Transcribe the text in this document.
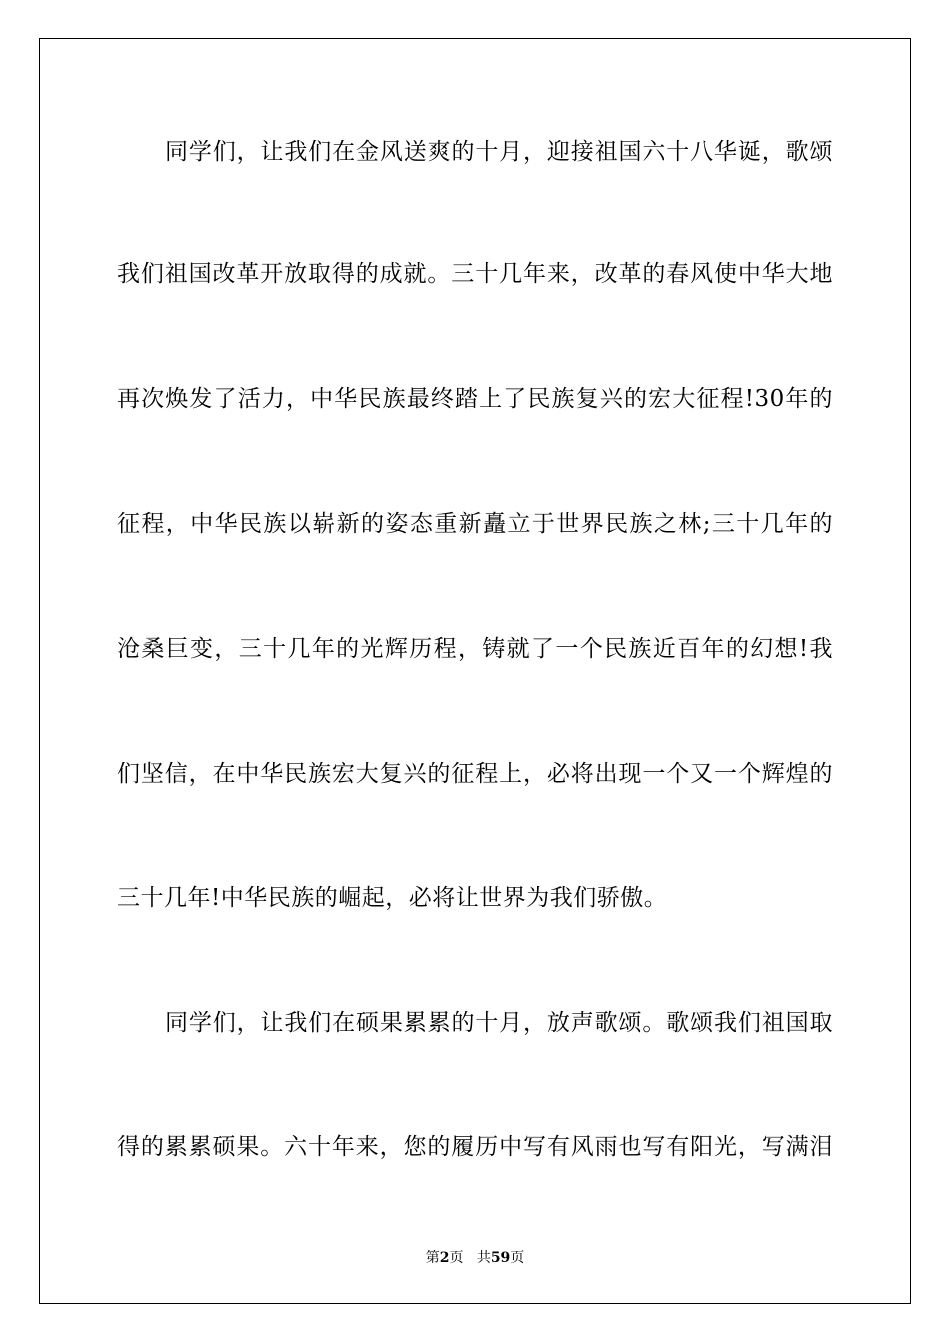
同学们，让我们在金风送爽的十月，迎接祖国六十八华诞，歌颂
我们祖国改革开放取得的成就。三十几年来，改革的春风使中华大地
再次焕发了活力，中华民族最终踏上了民族复兴的宏大征程!30年的
征程，中华民族以崭新的姿态重新矗立于世界民族之林;三十几年的
沧桑巨变，三十几年的光辉历程，铸就了一个民族近百年的幻想!我
们坚信，在中华民族宏大复兴的征程上，必将出现一个又一个辉煌的
三十几年!中华民族的崛起，必将让世界为我们骄傲。
同学们，让我们在硕果累累的十月，放声歌颂。歌颂我们祖国取
得的累累硕果。六十年来，您的履历中写有风雨也写有阳光，写满泪
第2页 共59页
